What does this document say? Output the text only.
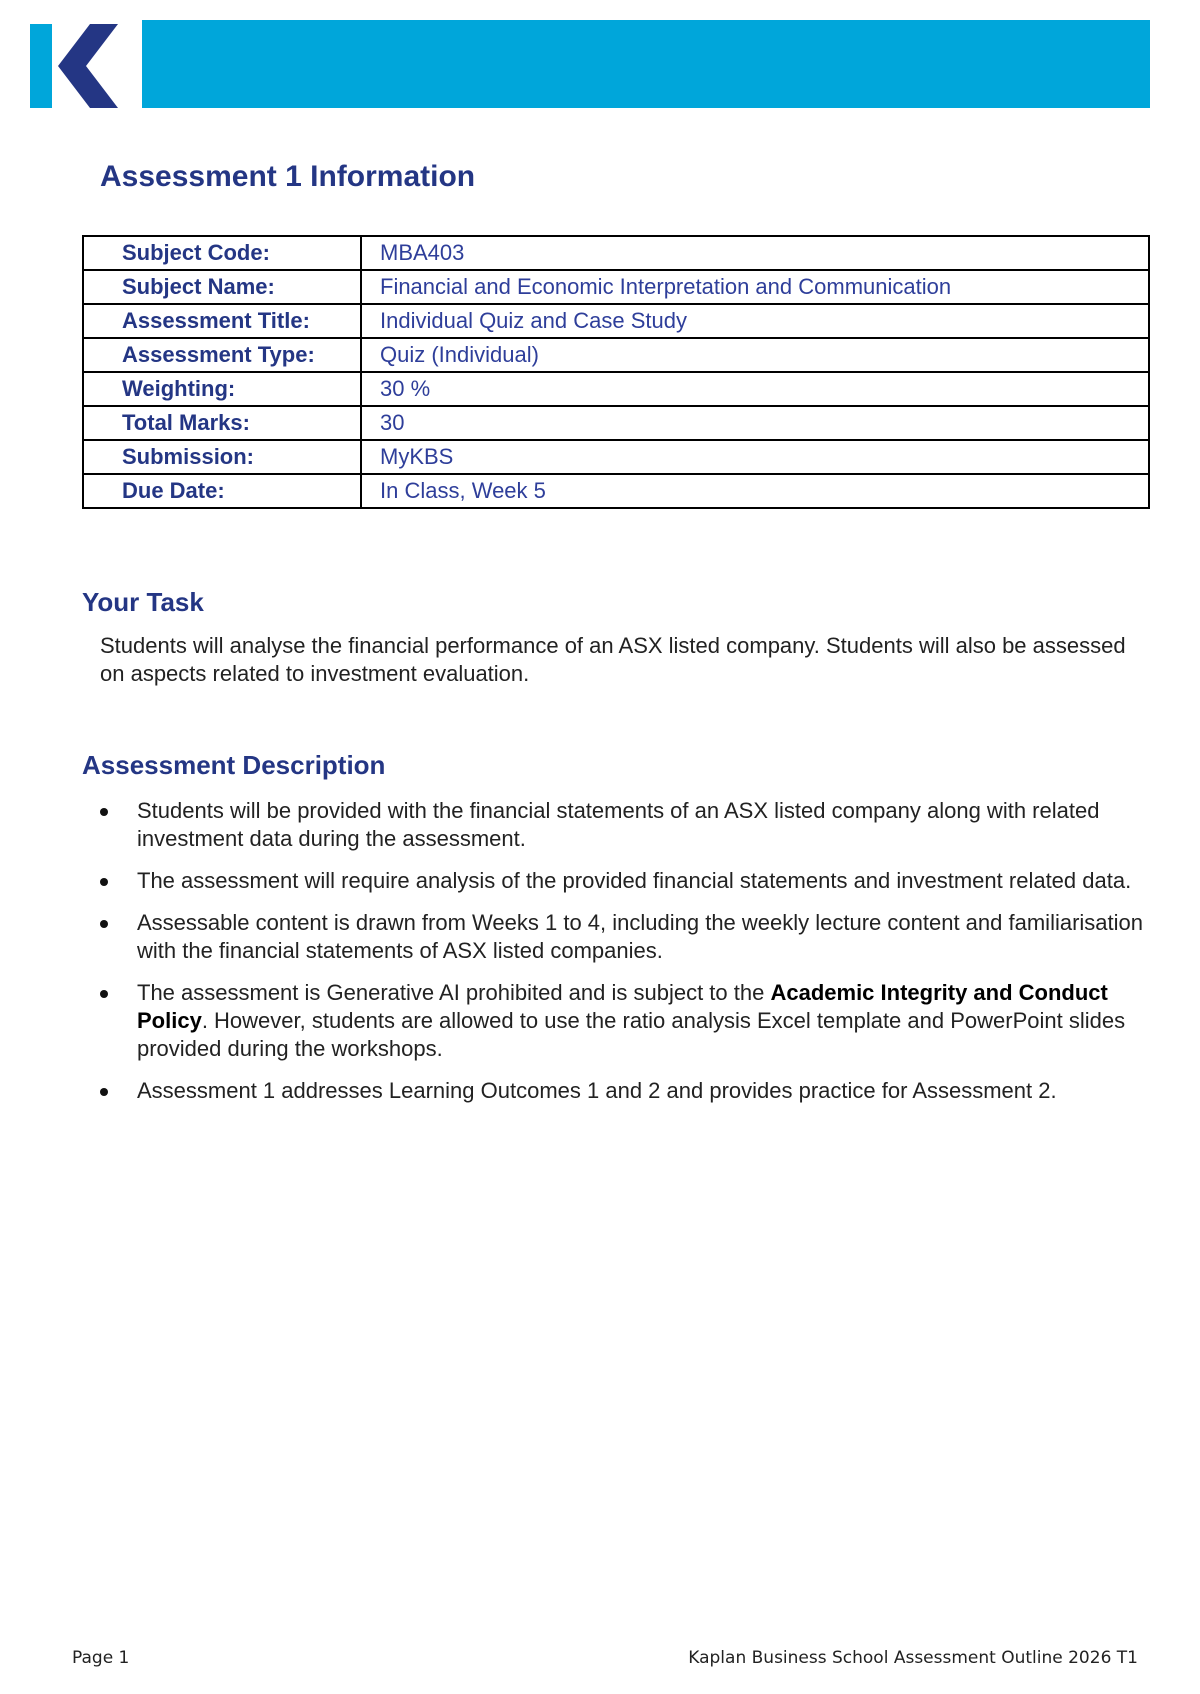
Assessment 1 Information
Subject Code:	MBA403
Subject Name:	Financial and Economic Interpretation and Communication
Assessment Title:	Individual Quiz and Case Study
Assessment Type:	Quiz (Individual)
Weighting:	30 %
Total Marks:	30
Submission:	MyKBS
Due Date:	In Class, Week 5
Your Task

Students will analyse the financial performance of an ASX listed company. Students will also be assessed on aspects related to investment evaluation.

Assessment Description
Students will be provided with the financial statements of an ASX listed company along with related investment data during the assessment.
The assessment will require analysis of the provided financial statements and investment related data.
Assessable content is drawn from Weeks 1 to 4, including the weekly lecture content and familiarisation with the financial statements of ASX listed companies.
The assessment is Generative AI prohibited and is subject to the Academic Integrity and Conduct Policy. However, students are allowed to use the ratio analysis Excel template and PowerPoint slides provided during the workshops.
Assessment 1 addresses Learning Outcomes 1 and 2 and provides practice for Assessment 2.
Page 1	Kaplan Business School Assessment Outline 2026 T1
